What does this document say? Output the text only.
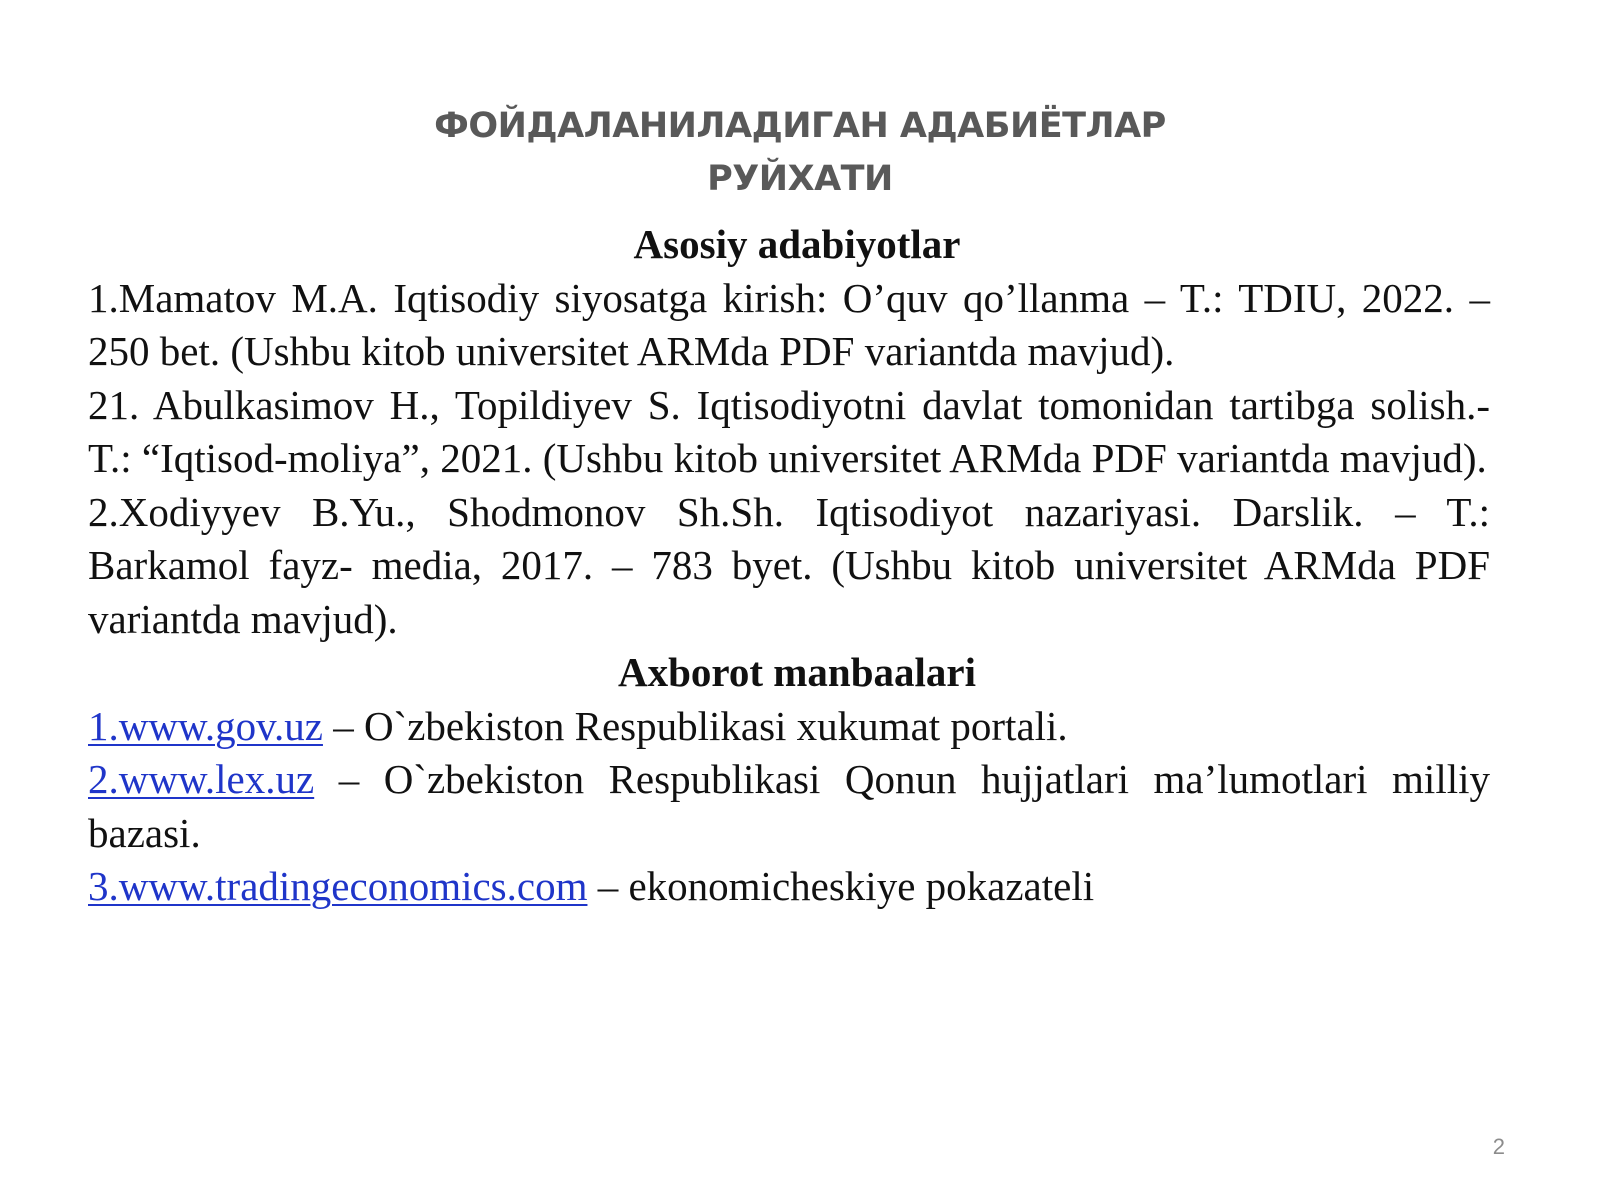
ФОЙДАЛАНИЛАДИГАН АДАБИЁТЛАР
РУЙХАТИ
Asosiy adabiyotlar
1.Mamatov M.A. Iqtisodiy siyosatga kirish: O’quv qo’llanma – T.: TDIU, 2022. – 250 bet. (Ushbu kitob universitet ARMda PDF variantda mavjud).
21. Abulkasimov H., Topildiyev S. Iqtisodiyotni davlat tomonidan tartibga solish.- T.: “Iqtisod-moliya”, 2021. (Ushbu kitob universitet ARMda PDF variantda mavjud).
2.Xodiyyev B.Yu., Shodmonov Sh.Sh. Iqtisodiyot nazariyasi. Darslik. – T.: Barkamol fayz- media, 2017. – 783 byet. (Ushbu kitob universitet ARMda PDF variantda mavjud).
Axborot manbaalari
1.www.gov.uz – O`zbekiston Respublikasi xukumat portali.
2.www.lex.uz – O`zbekiston Respublikasi Qonun hujjatlari ma’lumotlari milliy bazasi.
3.www.tradingeconomics.com – ekonomicheskiye pokazateli
2
